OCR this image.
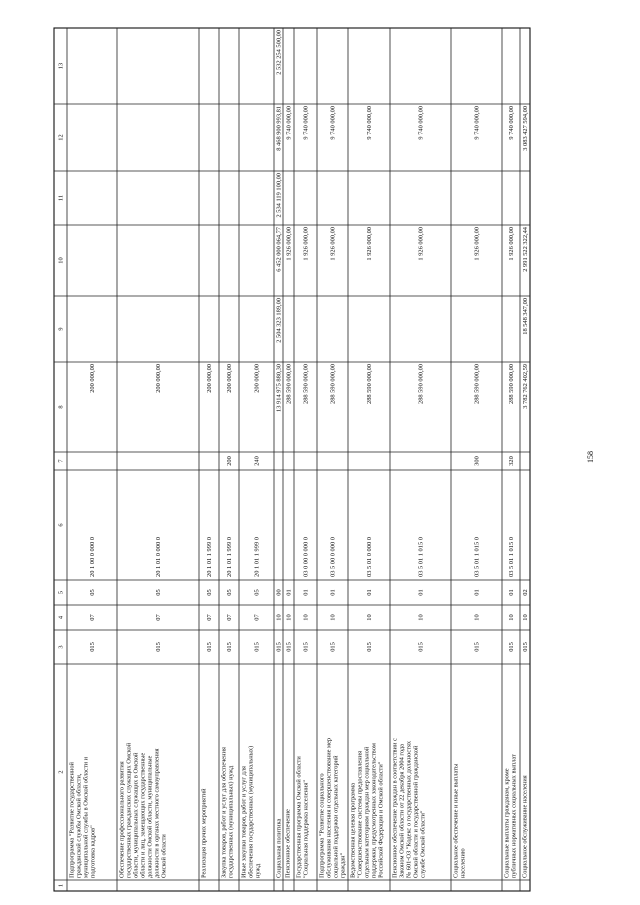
158
1
2
3
4
5
6
7
8
9
10
11
12
13
Подпрограмма "Развитие государственной гражданской службы Омской области, муниципальной службы в Омской области и подготовка кадров"
015
07
05
20 1 00 0 000 0
200 000,00
Обеспечение профессионального развития государственных гражданских служащих Омской области, муниципальных служащих в Омской области и лиц, замещающих государственные должности Омской области, муниципальные должности в органах местного самоуправления Омской области
015
07
05
20 1 01 0 000 0
200 000,00
Реализация прочих мероприятий
015
07
05
20 1 01 1 999 0
200 000,00
Закупка товаров, работ и услуг для обеспечения государственных (муниципальных) нужд
015
07
05
20 1 01 1 999 0
200
200 000,00
Иные закупки товаров, работ и услуг для обеспечения государственных (муниципальных) нужд
015
07
05
20 1 01 1 999 0
240
200 000,00
Социальная политика
015
10
00
13 914 975 880,30
2 504 323 189,00
6 452 000 064,77
2 534 119 100,00
8 468 900 993,81
2 532 254 500,00
Пенсионное обеспечение
015
10
01
288 590 000,00
1 926 000,00
9 740 000,00
Государственная программа Омской области "Социальная поддержка населения"
015
10
01
03 0 00 0 000 0
288 590 000,00
1 926 000,00
9 740 000,00
Подпрограмма "Развитие социального обслуживания населения и совершенствование мер социальной поддержки отдельных категорий граждан"
015
10
01
03 5 00 0 000 0
288 590 000,00
1 926 000,00
9 740 000,00
Ведомственная целевая программа "Совершенствование системы предоставления отдельным категориям граждан мер социальной поддержки, предусмотренных законодательством Российской Федерации и Омской области"
015
10
01
03 5 01 0 000 0
288 590 000,00
1 926 000,00
9 740 000,00
Пенсионное обеспечение граждан в соответствии с Законом Омской области от 22 декабря 2004 года № 601-ОЗ "Кодекс о государственных должностях Омской области и государственной гражданской службе Омской области"
015
10
01
03 5 01 1 015 0
288 590 000,00
1 926 000,00
9 740 000,00
Социальное обеспечение и иные выплаты населению
015
10
01
03 5 01 1 015 0
300
288 590 000,00
1 926 000,00
9 740 000,00
Социальные выплаты гражданам, кроме публичных нормативных социальных выплат
015
10
01
03 5 01 1 015 0
320
288 590 000,00
1 926 000,00
9 740 000,00
Социальное обслуживание населения
015
10
02
3 782 762 402,59
18 548 347,00
2 991 522 322,44
3 083 427 594,00
